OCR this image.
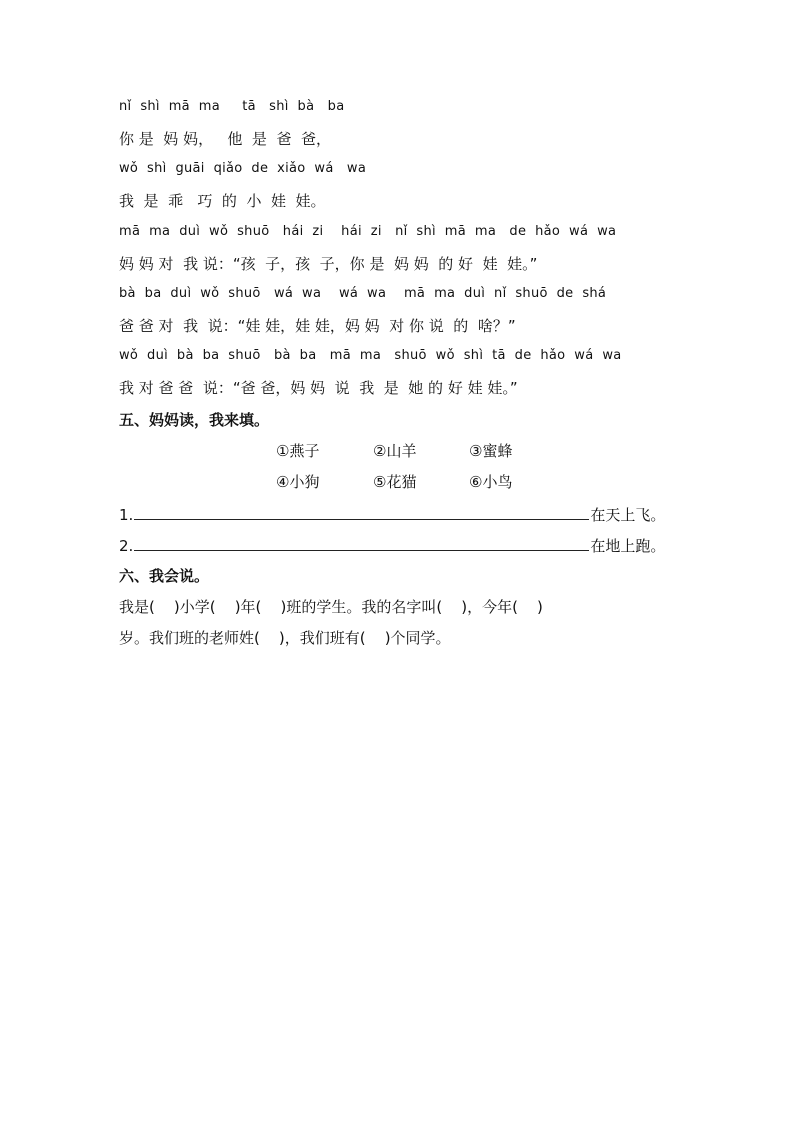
nǐ  shì  mā  ma     tā   shì  bà   ba
你 是  妈 妈，   他  是  爸  爸，
wǒ  shì  guāi  qiǎo  de  xiǎo  wá   wa
我  是  乖   巧  的  小  娃  娃。
mā  ma  duì  wǒ  shuō   hái  zi    hái  zi   nǐ  shì  mā  ma   de  hǎo  wá  wa
妈 妈 对  我 说：“孩  子，孩  子，你 是  妈 妈  的 好  娃  娃。”
bà  ba  duì  wǒ  shuō   wá  wa    wá  wa    mā  ma  duì  nǐ  shuō  de  shá
爸 爸 对  我  说：“娃 娃，娃 娃，妈 妈  对 你 说  的  啥？”
wǒ  duì  bà  ba  shuō   bà  ba   mā  ma   shuō  wǒ  shì  tā  de  hǎo  wá  wa
我 对 爸 爸  说：“爸 爸，妈 妈  说  我  是  她 的 好 娃 娃。”
五、妈妈读，我来填。
①燕子	②山羊	③蜜蜂
④小狗	⑤花猫	⑥小鸟
1.	在天上飞。
2.	在地上跑。
六、我会说。
我是(    )小学(    )年(    )班的学生。我的名字叫(    )，今年(    )
岁。我们班的老师姓(    )，我们班有(    )个同学。
